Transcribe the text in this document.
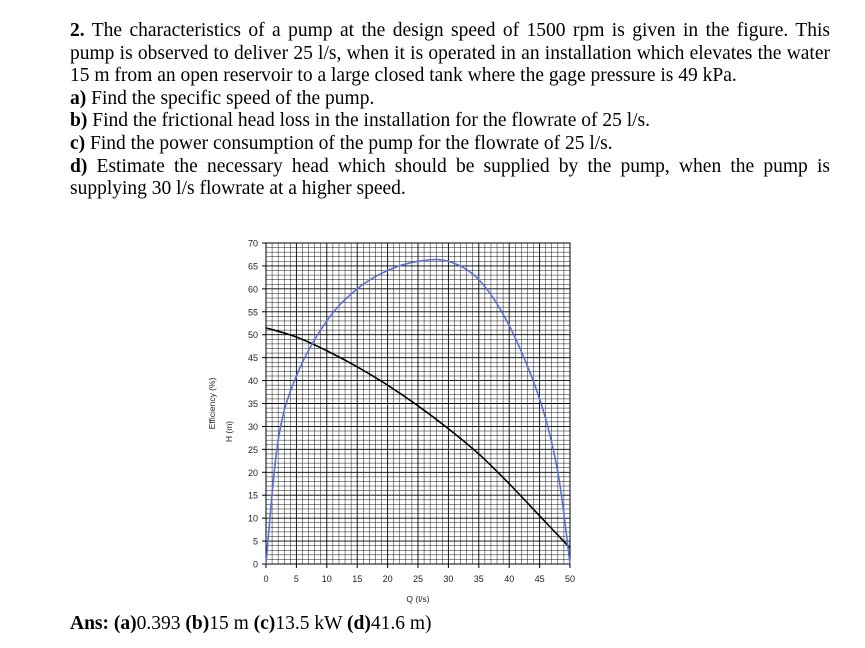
2. The characteristics of a pump at the design speed of 1500 rpm is given in the figure. This pump is observed to deliver 25 l/s, when it is operated in an installation which elevates the water 15 m from an open reservoir to a large closed tank where the gage pressure is 49 kPa.

a) Find the specific speed of the pump.

b) Find the frictional head loss in the installation for the flowrate of 25 l/s.

c) Find the power consumption of the pump for the flowrate of 25 l/s.

d) Estimate the necessary head which should be supplied by the pump, when the pump is supplying 30 l/s flowrate at a higher speed.

0
5
10
15
20
25
30
35
40
45
50
55
60
65
70
0	5	10 15 20 25 30 35 40 45 50
Q (l/s)
H (m)
Efficiency (%)
Ans: (a)0.393 (b)15 m (c)13.5 kW (d)41.6 m)
